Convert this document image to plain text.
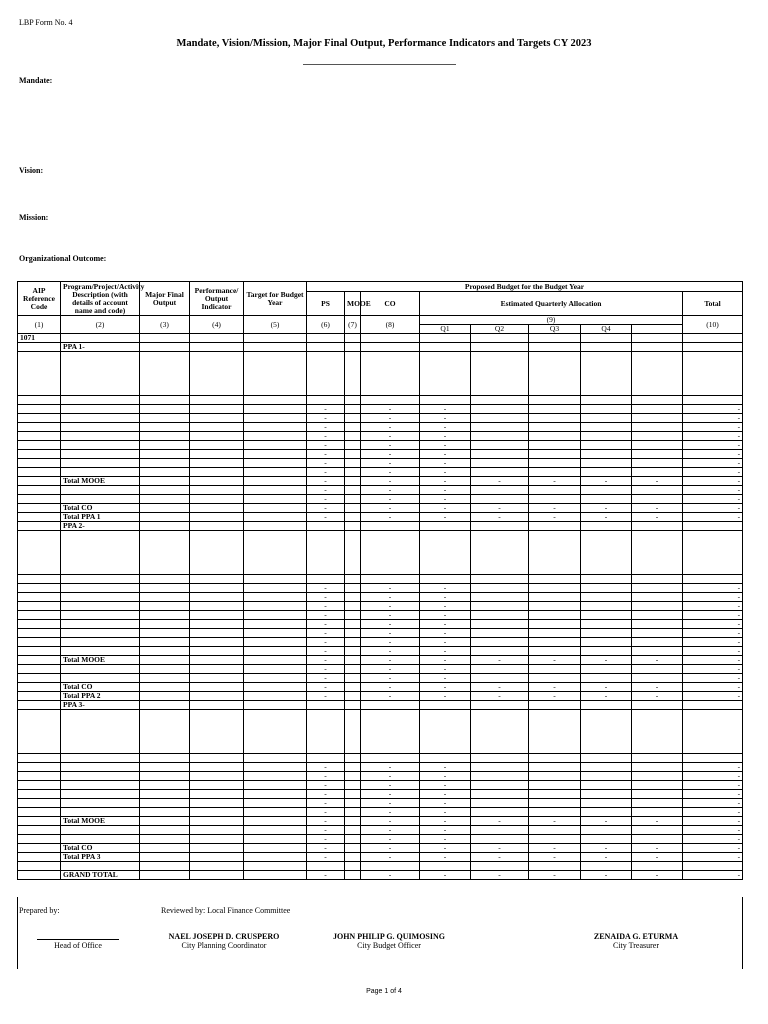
LBP Form No. 4
Mandate, Vision/Mission, Major Final Output, Performance Indicators and Targets CY 2023
Mandate:
Vision:
Mission:
Organizational Outcome:
AIP Reference Code	Program/Project/Activity Description (with details of account name and code)	Major Final Output	Performance/ Output Indicator	Target for Budget Year	Proposed Budget for the Budget Year								
					PS	MOOE	CO	Estimated Quarterly Allocation					Total
(1)	(2)	(3)	(4)	(5)	(6)	(7)	(8)	(9)					(10)
								Q1	Q2	Q3	Q4		
1071													
	PPA 1-												

					-		-	-					-
					-		-	-					-
					-		-	-					-
					-		-	-					-
					-		-	-					-
					-		-	-					-
					-		-	-					-
					-		-	-					-
	Total MOOE				-		-	-	-	-	-	-	-
					-		-	-					-
					-		-	-					-
	Total CO				-		-	-	-	-	-	-	-
	Total PPA 1				-		-	-	-	-	-	-	-
	PPA 2-												

					-		-	-					-
					-		-	-					-
					-		-	-					-
					-		-	-					-
					-		-	-					-
					-		-	-					-
					-		-	-					-
					-		-	-					-
	Total MOOE				-		-	-	-	-	-	-	-
					-		-	-					-
					-		-	-					-
	Total CO				-		-	-	-	-	-	-	-
	Total PPA 2				-		-	-	-	-	-	-	-
	PPA 3-												

					-		-	-					-
					-		-	-					-
					-		-	-					-
					-		-	-					-
					-		-	-					-
					-		-	-					-
	Total MOOE				-		-	-	-	-	-	-	-
					-		-	-					-
					-		-	-					-
	Total CO				-		-	-	-	-	-	-	-
	Total PPA 3				-		-	-	-	-	-	-	-

	GRAND TOTAL				-		-	-	-	-	-	-	-
Prepared by:	Reviewed by: Local Finance Committee
Head of Office
NAEL JOSEPH D. CRUSPERO
City Planning Coordinator
JOHN PHILIP G. QUIMOSING
City Budget Officer
ZENAIDA G. ETURMA
City Treasurer
Page 1 of 4
